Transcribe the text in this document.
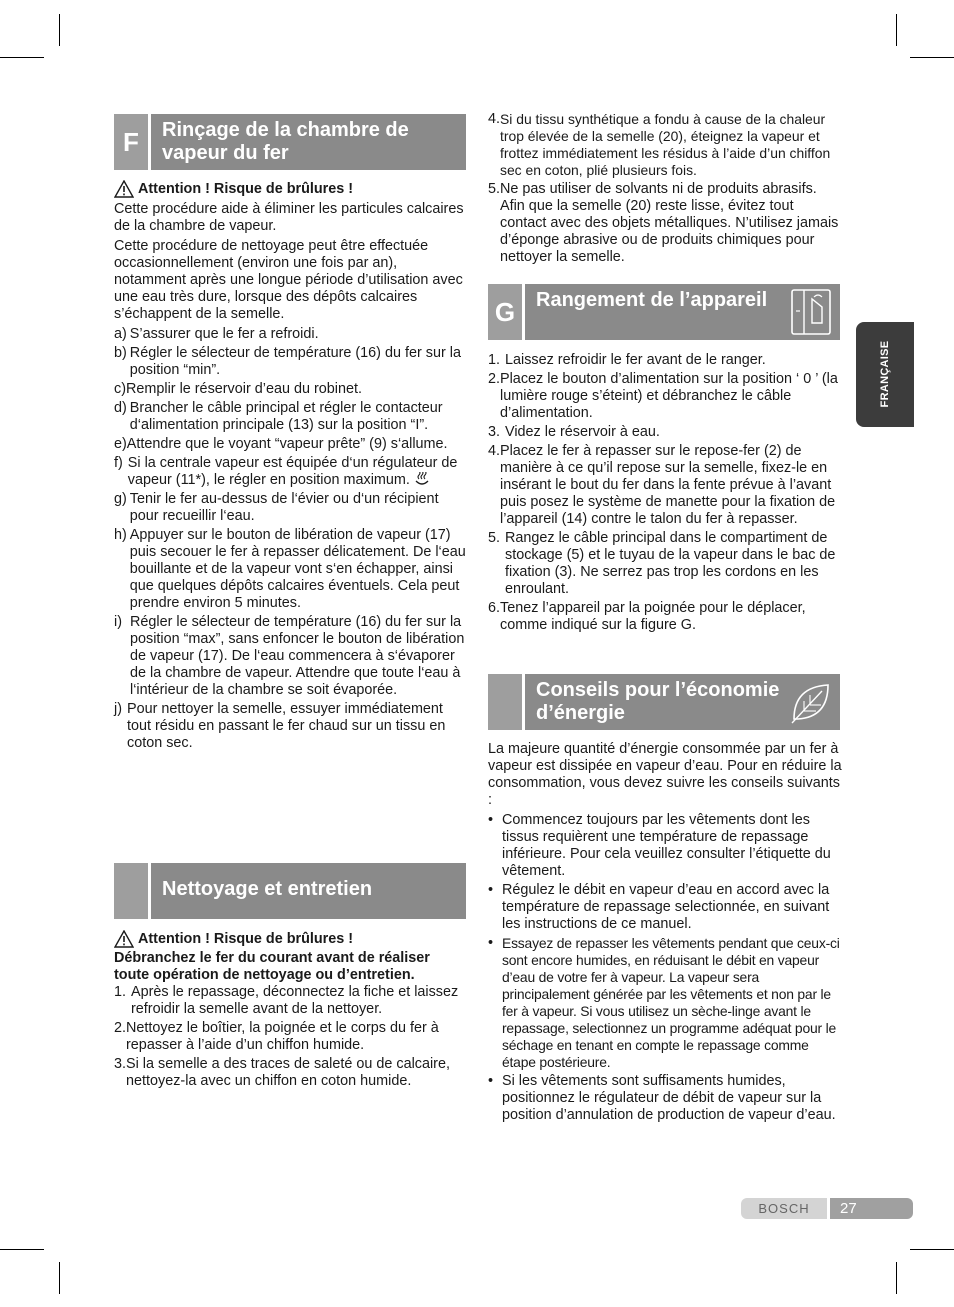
F	Rinçage de la chambre de vapeur du fer

Attention ! Risque de brûlures !

Cette procédure aide à éliminer les particules calcaires de la chambre de vapeur.

Cette procédure de nettoyage peut être effectuée occasionnellement (environ une fois par an), notamment après une longue période d’utilisation avec une eau très dure, lorsque des dépôts calcaires s’échappent de la semelle.

a) S’assurer que le fer a refroidi.
b) Régler le sélecteur de température (16) du fer sur la position “min”.
c) Remplir le réservoir d’eau du robinet.
d) Brancher le câble principal et régler le contacteur d‘alimentation principale (13) sur la position “I”.
e) Attendre que le voyant “vapeur prête” (9) s‘allume.
f) Si la centrale vapeur est équipée d‘un régulateur de vapeur (11*), le régler en position maximum.
g) Tenir le fer au-dessus de l‘évier ou d‘un récipient pour recueillir l‘eau.
h) Appuyer sur le bouton de libération de vapeur (17) puis secouer le fer à repasser délicatement. De l‘eau bouillante et de la vapeur vont s‘en échapper, ainsi que quelques dépôts calcaires éventuels. Cela peut prendre environ 5 minutes.
i) Régler le sélecteur de température (16) du fer sur la position “max”, sans enfoncer le bouton de libération de vapeur (17). De l‘eau commencera à s‘évaporer de la chambre de vapeur. Attendre que toute l‘eau à l‘intérieur de la chambre se soit évaporée.
j) Pour nettoyer la semelle, essuyer immédiatement tout résidu en passant le fer chaud sur un tissu en coton sec.
Nettoyage et entretien

Attention ! Risque de brûlures !

Débranchez le fer du courant avant de réaliser toute opération de nettoyage ou d’entretien.

1. Après le repassage, déconnectez la fiche et laissez refroidir la semelle avant de la nettoyer.
2. Nettoyez le boîtier, la poignée et le corps du fer à repasser à l’aide d’un chiffon humide.
3. Si la semelle a des traces de saleté ou de calcaire, nettoyez-la avec un chiffon en coton humide.
4. Si du tissu synthétique a fondu à cause de la chaleur trop élevée de la semelle (20), éteignez la vapeur et frottez immédiatement les résidus à l’aide d’un chiffon sec en coton, plié plusieurs fois.
5. Ne pas utiliser de solvants ni de produits abrasifs. Afin que la semelle (20) reste lisse, évitez tout contact avec des objets métalliques. N’utilisez jamais d’éponge abrasive ou de produits chimiques pour nettoyer la semelle.
G	Rangement de l’appareil
1. Laissez refroidir le fer avant de le ranger.
2. Placez le bouton d’alimentation sur la position ‘ 0 ’ (la lumière rouge s’éteint) et débranchez le câble d’alimentation.
3. Videz le réservoir à eau.
4. Placez le fer à repasser sur le repose-fer (2) de manière à ce qu’il repose sur la semelle, fixez-le en insérant le bout du fer dans la fente prévue à l’avant puis posez le système de manette pour la fixation de l’appareil (14) contre le talon du fer à repasser.
5. Rangez le câble principal dans le compartiment de stockage (5) et le tuyau de la vapeur dans le bac de fixation (3). Ne serrez pas trop les cordons en les enroulant.
6. Tenez l’appareil par la poignée pour le déplacer, comme indiqué sur la figure G.
Conseils pour l’économie d’énergie

La majeure quantité d’énergie consommée par un fer à vapeur est dissipée en vapeur d’eau. Pour en réduire la consommation, vous devez suivre les conseils suivants :

• Commencez toujours par les vêtements dont les tissus requièrent une température de repassage inférieure. Pour cela veuillez consulter l’étiquette du vêtement.
• Régulez le débit en vapeur d’eau en accord avec la température de repassage selectionnée, en suivant les instructions de ce manuel.
• Essayez de repasser les vêtements pendant que ceux-ci sont encore humides, en réduisant le débit en vapeur d’eau de votre fer à vapeur. La vapeur sera principalement générée par les vêtements et non par le fer à vapeur. Si vous utilisez un sèche-linge avant le repassage, selectionnez un programme adéquat pour le séchage en tenant en compte le repassage comme étape postérieure.
• Si les vêtements sont suffisaments humides, positionnez le régulateur de débit de vapeur sur la position d’annulation de production de vapeur d’eau.
FRANÇAISE
BOSCH	27
